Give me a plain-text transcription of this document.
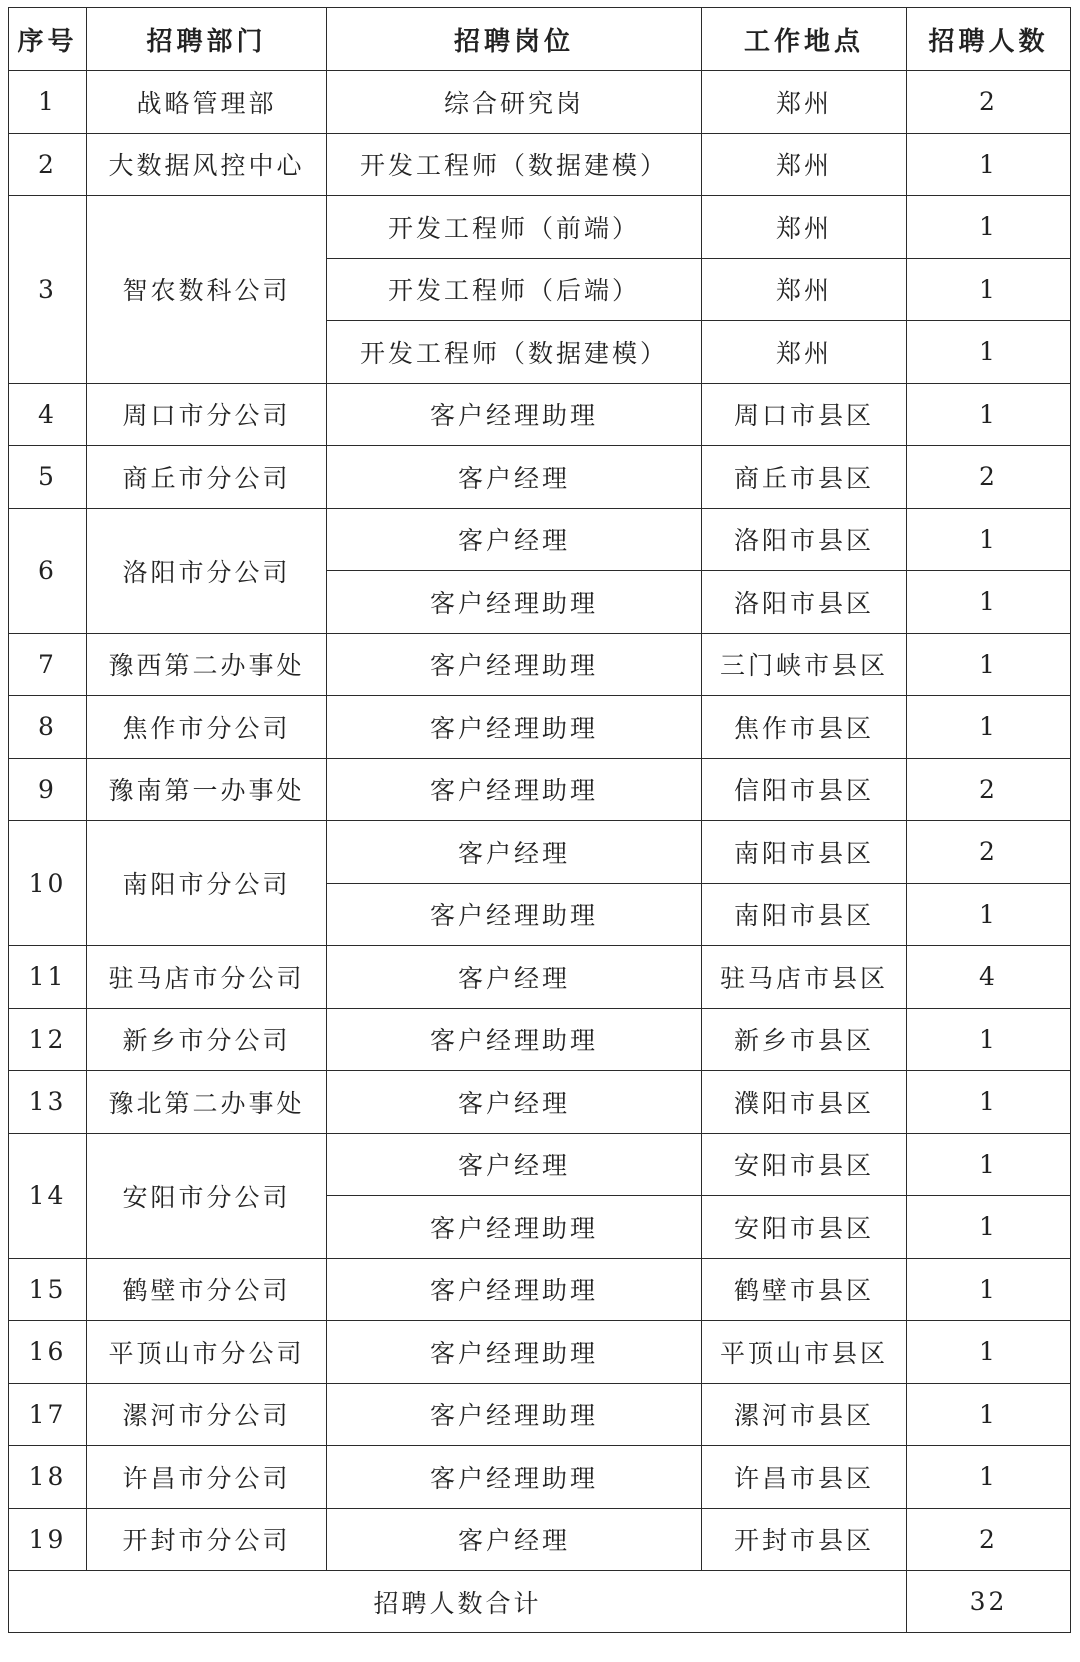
序号	招聘部门	招聘岗位	工作地点	招聘人数
1	战略管理部	综合研究岗	郑州	2
2	大数据风控中心	开发工程师（数据建模）	郑州	1
3	智农数科公司	开发工程师（前端）	郑州	1
		开发工程师（后端）	郑州	1
		开发工程师（数据建模）	郑州	1
4	周口市分公司	客户经理助理	周口市县区	1
5	商丘市分公司	客户经理	商丘市县区	2
6	洛阳市分公司	客户经理	洛阳市县区	1
		客户经理助理	洛阳市县区	1
7	豫西第二办事处	客户经理助理	三门峡市县区	1
8	焦作市分公司	客户经理助理	焦作市县区	1
9	豫南第一办事处	客户经理助理	信阳市县区	2
10	南阳市分公司	客户经理	南阳市县区	2
		客户经理助理	南阳市县区	1
11	驻马店市分公司	客户经理	驻马店市县区	4
12	新乡市分公司	客户经理助理	新乡市县区	1
13	豫北第二办事处	客户经理	濮阳市县区	1
14	安阳市分公司	客户经理	安阳市县区	1
		客户经理助理	安阳市县区	1
15	鹤壁市分公司	客户经理助理	鹤壁市县区	1
16	平顶山市分公司	客户经理助理	平顶山市县区	1
17	漯河市分公司	客户经理助理	漯河市县区	1
18	许昌市分公司	客户经理助理	许昌市县区	1
19	开封市分公司	客户经理	开封市县区	2
招聘人数合计				32
